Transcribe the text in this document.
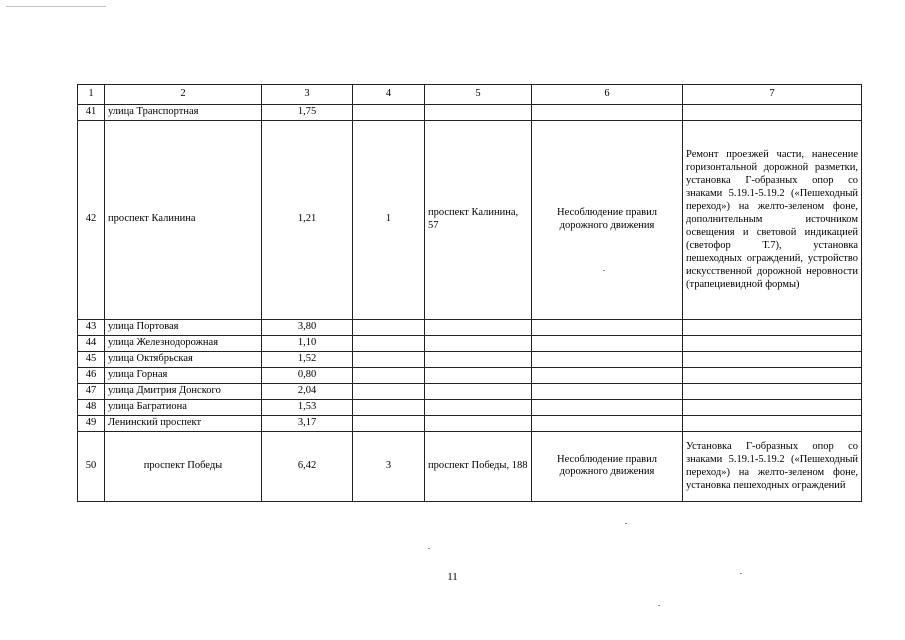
1	2	3	4	5	6	7
41	улица Транспортная	1,75				
42	проспект Калинина	1,21	1	проспект Калинина, 57	Несоблюдение правил дорожного движения	Ремонт проезжей части, нанесение горизонтальной дорожной разметки, установка Г-образных опор со знаками 5.19.1-5.19.2 («Пешеходный переход») на желто-зеленом фоне, дополнительным источником освещения и световой индикацией (светофор Т.7), установка пешеходных ограждений, устройство искусственной дорожной неровности (трапециевидной формы)
43	улица Портовая	3,80				
44	улица Железнодорожная	1,10				
45	улица Октябрьская	1,52				
46	улица Горная	0,80				
47	улица Дмитрия Донского	2,04				
48	улица Багратиона	1,53				
49	Ленинский проспект	3,17				
50	проспект Победы	6,42	3	проспект Победы, 188	Несоблюдение правил дорожного движения	Установка Г-образных опор со знаками 5.19.1-5.19.2 («Пешеходный переход») на желто-зеленом фоне, установка пешеходных ограждений
11
